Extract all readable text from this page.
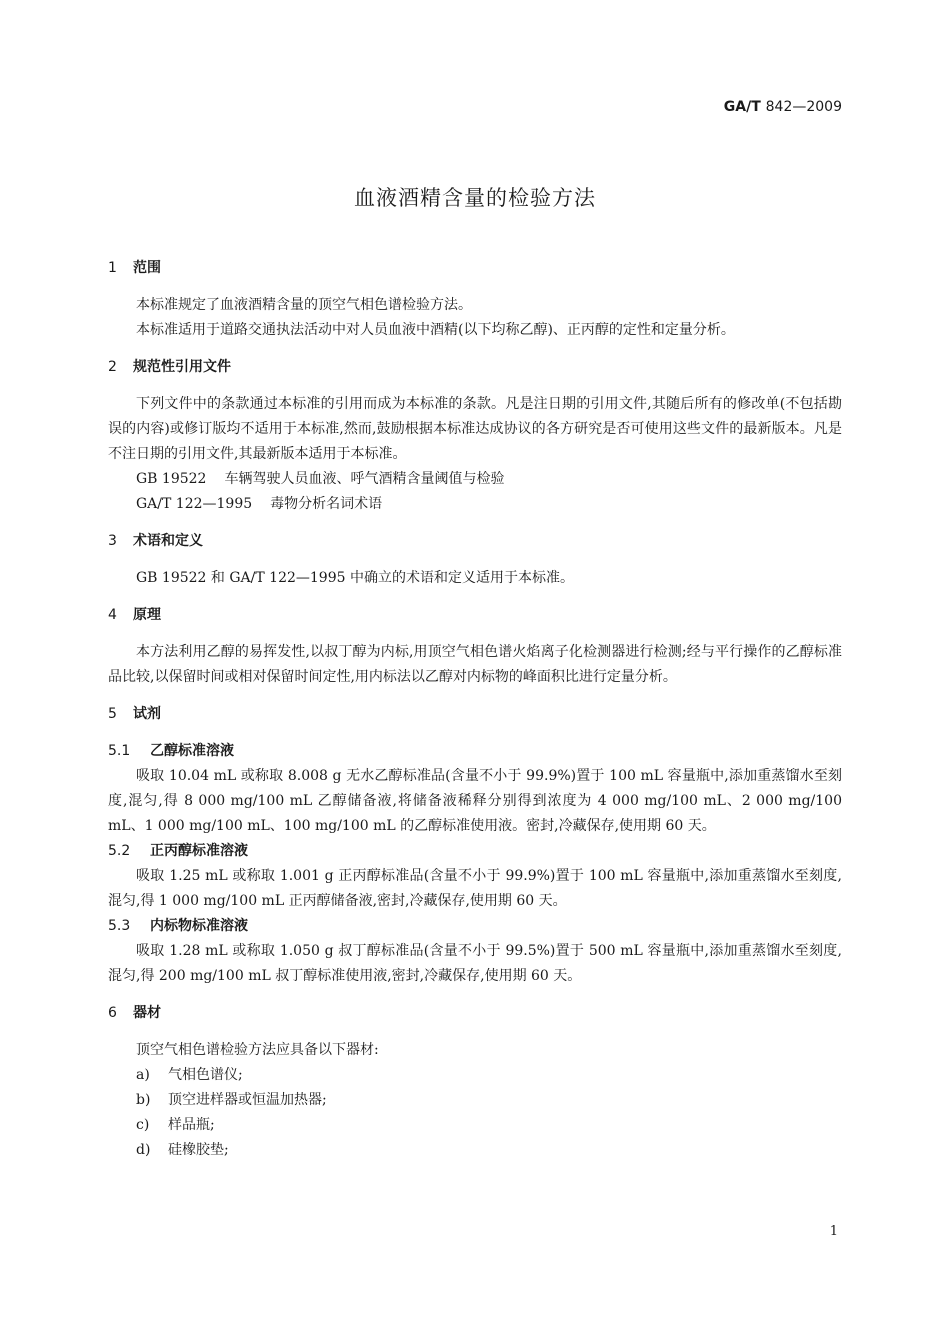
GA/T 842—2009
血液酒精含量的检验方法
1 范围

本标准规定了血液酒精含量的顶空气相色谱检验方法。

本标准适用于道路交通执法活动中对人员血液中酒精(以下均称乙醇)、正丙醇的定性和定量分析。

2 规范性引用文件

下列文件中的条款通过本标准的引用而成为本标准的条款。凡是注日期的引用文件,其随后所有的修改单(不包括勘误的内容)或修订版均不适用于本标准,然而,鼓励根据本标准达成协议的各方研究是否可使用这些文件的最新版本。凡是不注日期的引用文件,其最新版本适用于本标准。

GB 19522 车辆驾驶人员血液、呼气酒精含量阈值与检验
GA/T 122—1995 毒物分析名词术语
3 术语和定义

GB 19522 和 GA/T 122—1995 中确立的术语和定义适用于本标准。

4 原理

本方法利用乙醇的易挥发性,以叔丁醇为内标,用顶空气相色谱火焰离子化检测器进行检测;经与平行操作的乙醇标准品比较,以保留时间或相对保留时间定性,用内标法以乙醇对内标物的峰面积比进行定量分析。

5 试剂
5.1 乙醇标准溶液

吸取 10.04 mL 或称取 8.008 g 无水乙醇标准品(含量不小于 99.9%)置于 100 mL 容量瓶中,添加重蒸馏水至刻度,混匀,得 8 000 mg/100 mL 乙醇储备液,将储备液稀释分别得到浓度为 4 000 mg/100 mL、2 000 mg/100 mL、1 000 mg/100 mL、100 mg/100 mL 的乙醇标准使用液。密封,冷藏保存,使用期 60 天。

5.2 正丙醇标准溶液

吸取 1.25 mL 或称取 1.001 g 正丙醇标准品(含量不小于 99.9%)置于 100 mL 容量瓶中,添加重蒸馏水至刻度,混匀,得 1 000 mg/100 mL 正丙醇储备液,密封,冷藏保存,使用期 60 天。

5.3 内标物标准溶液

吸取 1.28 mL 或称取 1.050 g 叔丁醇标准品(含量不小于 99.5%)置于 500 mL 容量瓶中,添加重蒸馏水至刻度,混匀,得 200 mg/100 mL 叔丁醇标准使用液,密封,冷藏保存,使用期 60 天。

6 器材

顶空气相色谱检验方法应具备以下器材:

a) 气相色谱仪;
b) 顶空进样器或恒温加热器;
c) 样品瓶;
d) 硅橡胶垫;
1
